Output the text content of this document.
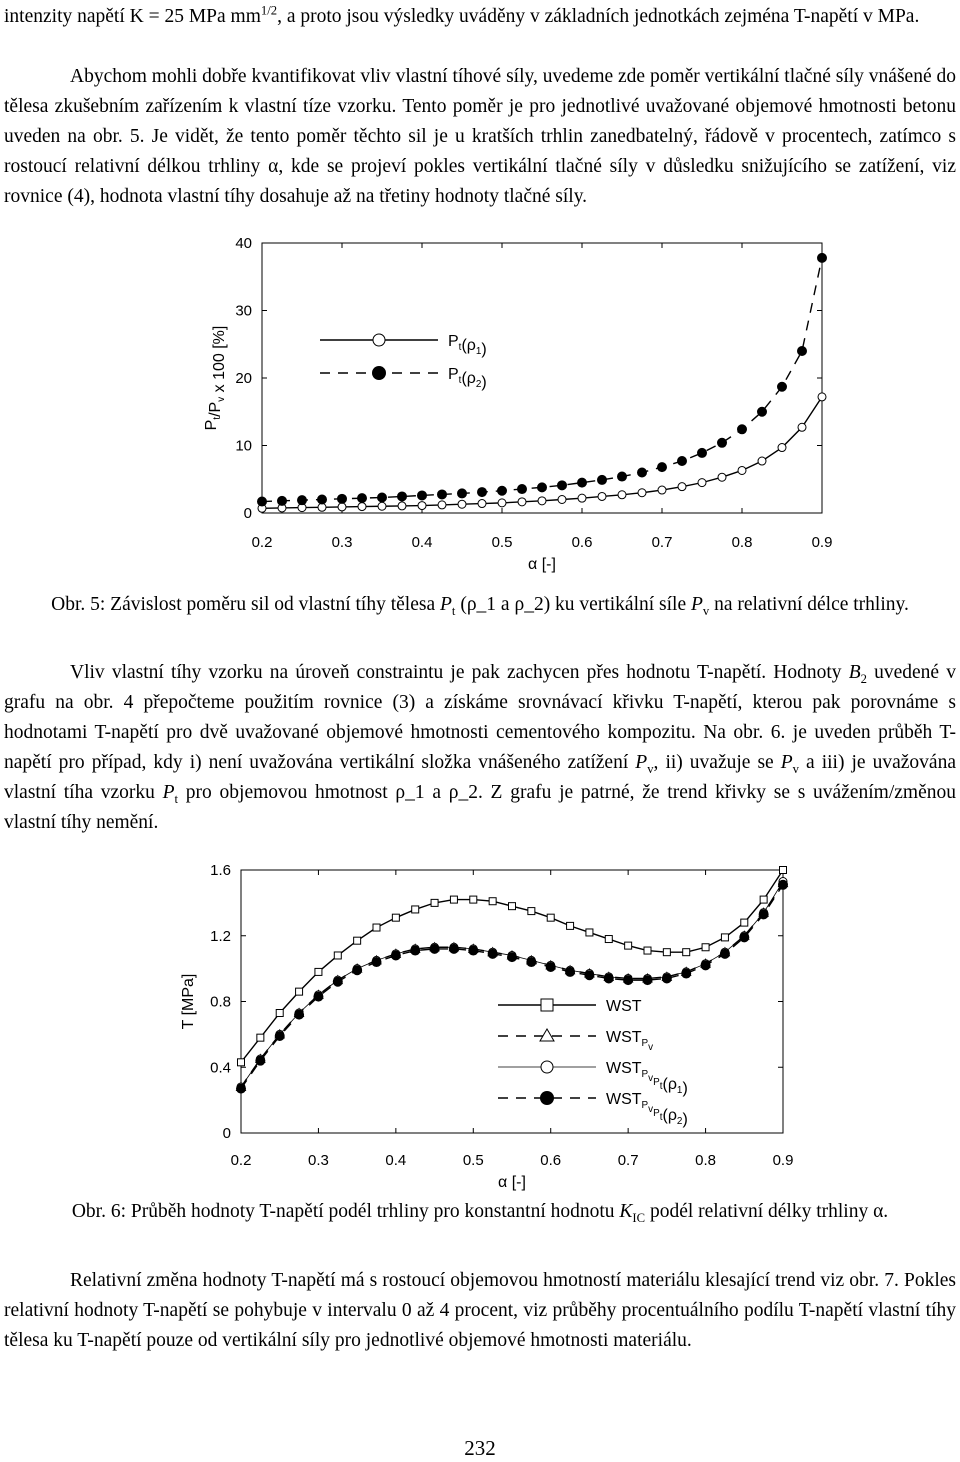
intenzity napětí K = 25 MPa $mm^{1/2}$, a proto jsou výsledky uváděny v základních jednotkách zejména T-napětí v MPa.

Abychom mohli dobře kvantifikovat vliv vlastní tíhové síly, uvedeme zde poměr vertikální tlačné síly vnášené do tělesa zkušebním zařízením k vlastní tíze vzorku. Tento poměr je pro jednotlivé uvažované objemové hmotnosti betonu uveden na obr. 5. Je vidět, že tento poměr těchto sil je u kratších trhlin zanedbatelný, řádově v procentech, zatímco s rostoucí relativní délkou trhliny α, kde se projeví pokles vertikální tlačné síly v důsledku snižujícího se zatížení, viz rovnice (4), hodnota vlastní tíhy dosahuje až na třetiny hodnoty tlačné síly.

0.2	0.3	0.4	0.5	0.6	0.7	0.8	0.9
0
10
20
30
40
α [-]
$P_t/P_v$ x 100 [%]	$P_t(\rho_1)$
$P_t(\rho_2)$

Obr. 5: Závislost poměru sil od vlastní tíhy tělesa $P_t$ (ρ_1 a ρ_2) ku vertikální síle $P_v$ na relativní délce trhliny.

Vliv vlastní tíhy vzorku na úroveň constraintu je pak zachycen přes hodnotu T-napětí. Hodnoty $B_2$ uvedené v grafu na obr. 4 přepočteme použitím rovnice (3) a získáme srovnávací křivku T-napětí, kterou pak porovnáme s hodnotami T-napětí pro dvě uvažované objemové hmotnosti cementového kompozitu. Na obr. 6. je uveden průběh T-napětí pro případ, kdy i) není uvažována vertikální složka vnášeného zatížení $P_v$, ii) uvažuje se $P_v$ a iii) je uvažována vlastní tíha vzorku $P_t$ pro objemovou hmotnost ρ_1 a ρ_2. Z grafu je patrné, že trend křivky se s uvážením/změnou vlastní tíhy nemění.

0.2	0.3	0.4	0.5	0.6	0.7	0.8	0.9
0
0.4
0.8
1.2
1.6
α [-]
T [MPa]	WST
$WST_{Pv}$
$WST_{PvPt}(\rho_1)$
$WST_{PvPt}(\rho_2)$

Obr. 6: Průběh hodnoty T-napětí podél trhliny pro konstantní hodnotu $K_{IC}$ podél relativní délky trhliny α.

Relativní změna hodnoty T-napětí má s rostoucí objemovou hmotností materiálu klesající trend viz obr. 7. Pokles relativní hodnoty T-napětí se pohybuje v intervalu 0 až 4 procent, viz průběhy procentuálního podílu T-napětí vlastní tíhy tělesa ku T-napětí pouze od vertikální síly pro jednotlivé objemové hmotnosti materiálu.

232
